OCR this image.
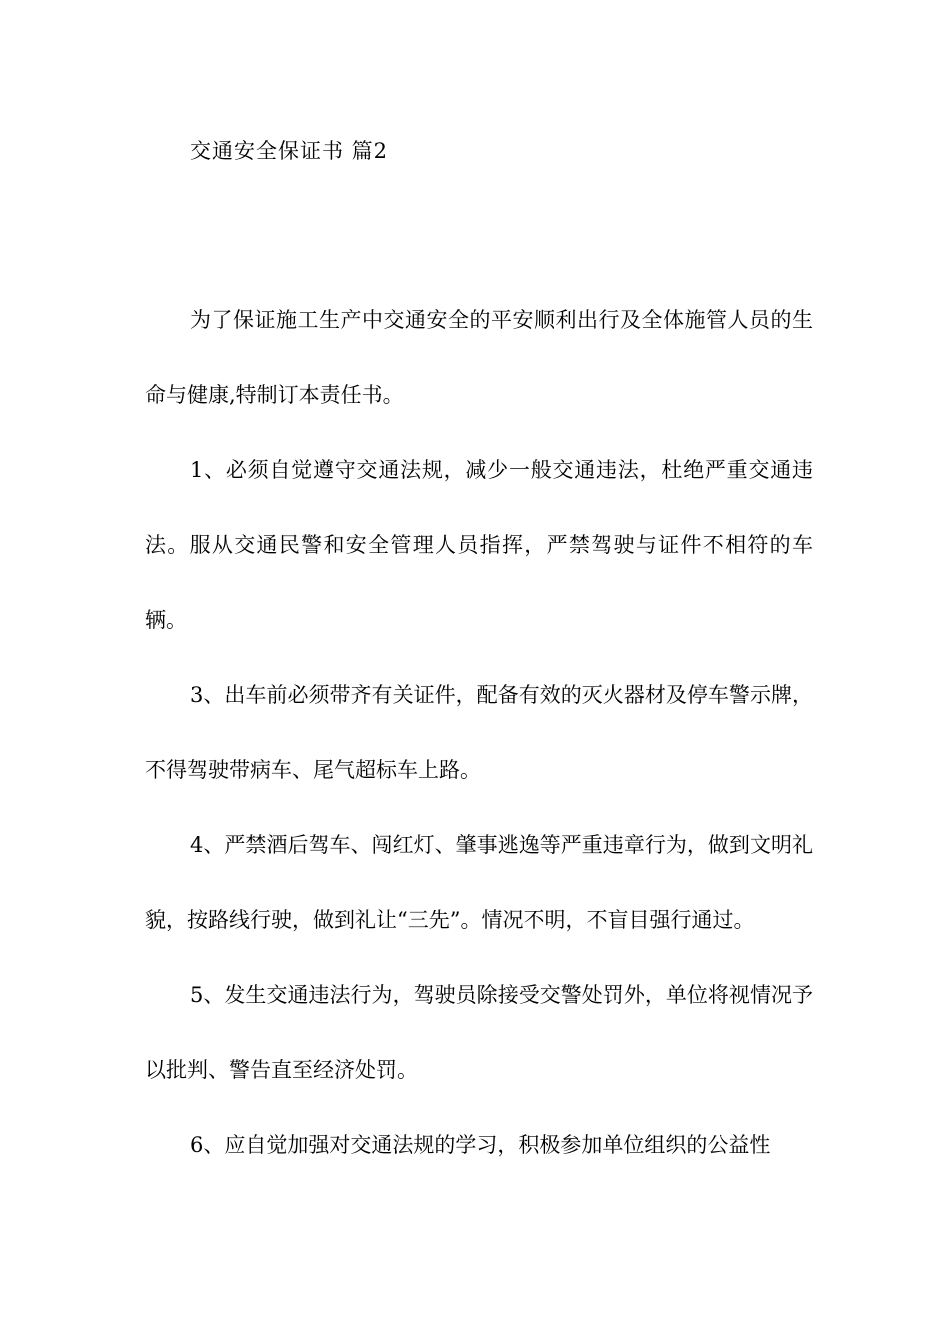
交通安全保证书 篇2

为了保证施工生产中交通安全的平安顺利出行及全体施管人员的生命与健康,特制订本责任书。

1、必须自觉遵守交通法规，减少一般交通违法，杜绝严重交通违法。服从交通民警和安全管理人员指挥，严禁驾驶与证件不相符的车辆。

3、出车前必须带齐有关证件，配备有效的灭火器材及停车警示牌，不得驾驶带病车、尾气超标车上路。

4、严禁酒后驾车、闯红灯、肇事逃逸等严重违章行为，做到文明礼貌，按路线行驶，做到礼让“三先”。情况不明，不盲目强行通过。

5、发生交通违法行为，驾驶员除接受交警处罚外，单位将视情况予以批判、警告直至经济处罚。

6、应自觉加强对交通法规的学习，积极参加单位组织的公益性
